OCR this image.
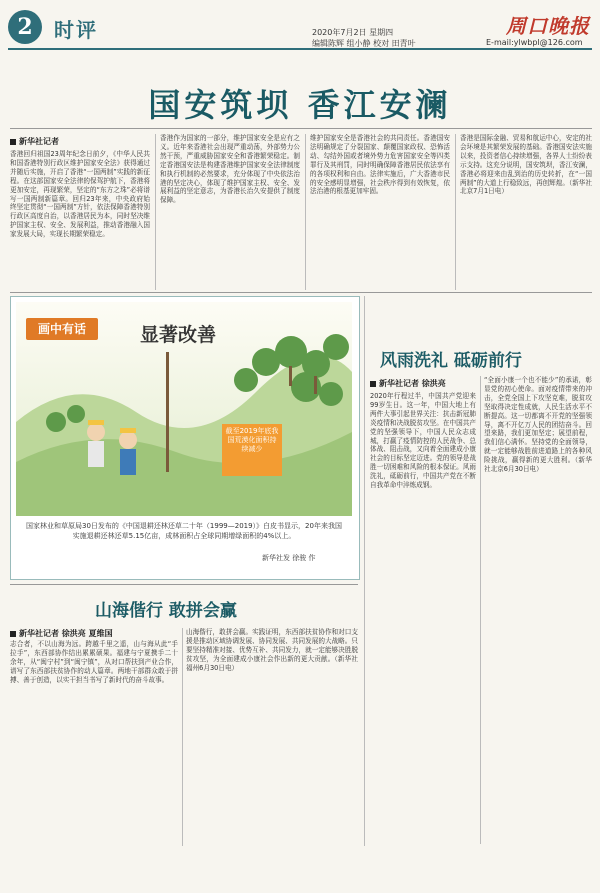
2	时评	2020年7月2日 星期四
编辑陈辉 组小静 校对 田青叶	E-mail:ylwbpl@126.com
周口晚报
国安筑坝 香江安澜
新华社记者
香港回归祖国23周年纪念日前夕，《中华人民共和国香港特别行政区维护国家安全法》获得通过并随后实施，开启了香港“一国两制”实践的新征程。在这部国家安全法律的保驾护航下，香港将更加安定，再现繁荣，坚定的“东方之珠”必将谱写一国两制新篇章。回归23年来，中央政府始终坚定贯彻“一国两制”方针，依法保障香港特别行政区高度自治，以香港居民为本，同时坚决维护国家主权、安全、发展利益，推动香港融入国家发展大局，实现长期繁荣稳定。
香港作为国家的一部分，维护国家安全是应有之义。近年来香港社会出现严重动荡，外部势力公然干预，严重威胁国家安全和香港繁荣稳定。制定香港国安法是构建香港维护国家安全法律制度和执行机制的必然要求，充分体现了中央依法治港的坚定决心，体现了维护国家主权、安全、发展利益的坚定意志，为香港长治久安提供了制度保障。
维护国家安全是香港社会的共同责任。香港国安法明确规定了分裂国家、颠覆国家政权、恐怖活动、勾结外国或者境外势力危害国家安全等四类罪行及其刑罚，同时明确保障香港居民依法享有的各项权利和自由。法律实施后，广大香港市民的安全感明显增强，社会秩序得到有效恢复，依法治港的根基更加牢固。
香港是国际金融、贸易和航运中心，安定的社会环境是其繁荣发展的基础。香港国安法实施以来，投资者信心持续增强，各界人士纷纷表示支持。这充分说明，国安筑坝，香江安澜，香港必将迎来由乱到治的历史转折，在“一国两制”的大道上行稳致远，再创辉煌。（新华社北京7月1日电）
画中有话	显著改善
截至2019年底我国荒漠化面积持续减少
国家林业和草原局30日发布的《中国退耕还林还草二十年（1999—2019）》白皮书显示，20年来我国实施退耕还林还草5.15亿亩，成林面积占全球同期增绿面积的4%以上。
新华社发 徐骏 作
风雨洗礼 砥砺前行
新华社记者 徐洪亮
2020年行程过半，中国共产党迎来99岁生日。这一年，中国大地上有两件大事引起世界关注：抗击新冠肺炎疫情和决战脱贫攻坚。在中国共产党的坚强领导下，中国人民众志成城，打赢了疫情防控的人民战争、总体战、阻击战，又向着全面建成小康社会的目标坚定迈进。党的领导是战胜一切困难和风险的根本保证。风雨洗礼，砥砺前行，中国共产党在不断自我革命中淬炼成钢。
“全面小康一个也不能少”的承诺，彰显党的初心使命。面对疫情带来的冲击，全党全国上下攻坚克难，脱贫攻坚取得决定性成就，人民生活水平不断提高。这一切都离不开党的坚强领导，离不开亿万人民的团结奋斗。回望来路，我们更加坚定；展望前程，我们信心满怀。坚持党的全面领导，就一定能够战胜前进道路上的各种风险挑战，赢得新的更大胜利。（新华社北京6月30日电）
山海偕行 敢拼会赢
新华社记者 徐洪亮 夏维国
志合者，不以山海为远。跨越千里之遥，山与海从此“手拉手”，东西部协作结出累累硕果。福建与宁夏携手二十余年，从“闽宁村”到“闽宁镇”，从对口帮扶到产业合作，谱写了东西部扶贫协作的动人篇章。两地干部群众敢于拼搏、善于创造，以实干担当书写了新时代的奋斗故事。
山海偕行，敢拼会赢。实践证明，东西部扶贫协作和对口支援是推动区域协调发展、协同发展、共同发展的大战略。只要坚持精准对接、优势互补、共同发力，就一定能够决胜脱贫攻坚，为全面建成小康社会作出新的更大贡献。（新华社福州6月30日电）
